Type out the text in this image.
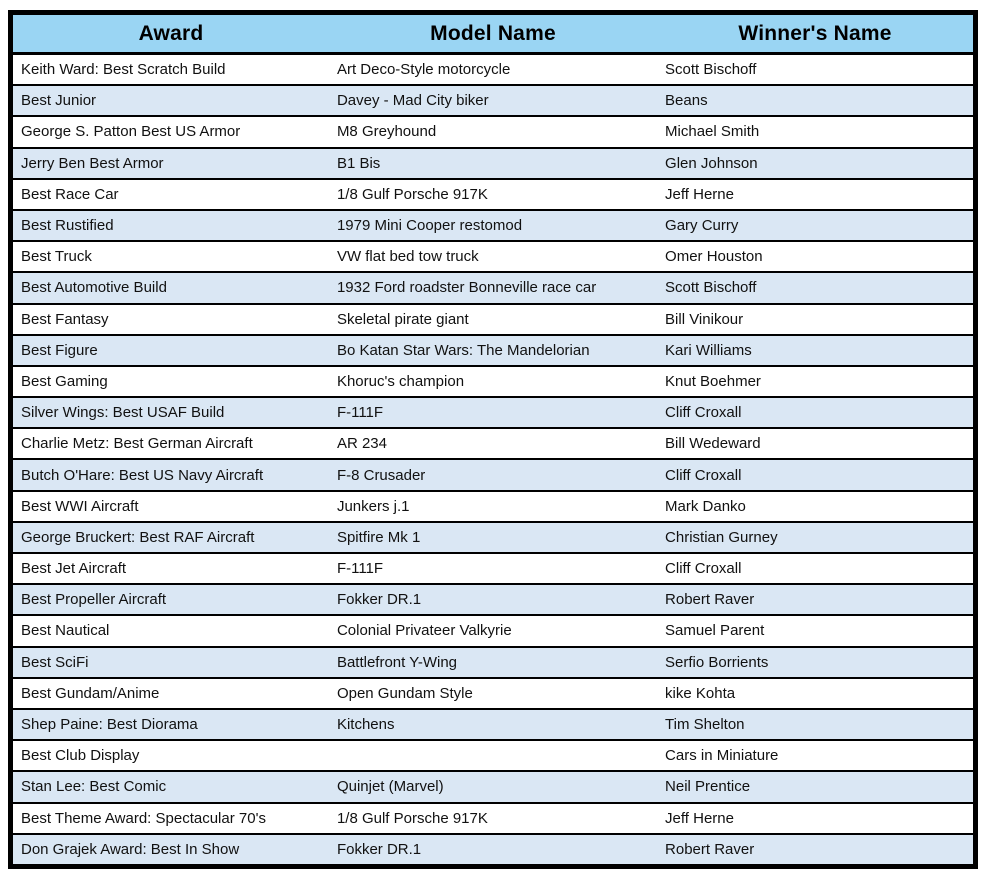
Award	Model Name	Winner's Name
Keith Ward: Best Scratch Build	Art Deco-Style motorcycle	Scott Bischoff
Best Junior	Davey - Mad City biker	Beans
George S. Patton Best US Armor	M8 Greyhound	Michael Smith
Jerry Ben Best Armor	B1 Bis	Glen Johnson
Best Race Car	1/8 Gulf Porsche 917K	Jeff Herne
Best Rustified	1979 Mini Cooper restomod	Gary Curry
Best Truck	VW flat bed tow truck	Omer Houston
Best Automotive Build	1932 Ford roadster Bonneville race car	Scott Bischoff
Best Fantasy	Skeletal pirate giant	Bill Vinikour
Best Figure	Bo Katan Star Wars: The Mandelorian	Kari Williams
Best Gaming	Khoruc's champion	Knut Boehmer
Silver Wings: Best USAF Build	F-111F	Cliff Croxall
Charlie Metz: Best German Aircraft	AR 234	Bill Wedeward
Butch O'Hare: Best US Navy Aircraft	F-8 Crusader	Cliff Croxall
Best WWI Aircraft	Junkers j.1	Mark Danko
George Bruckert: Best RAF Aircraft	Spitfire Mk 1	Christian Gurney
Best Jet Aircraft	F-111F	Cliff Croxall
Best Propeller Aircraft	Fokker DR.1	Robert Raver
Best Nautical	Colonial Privateer Valkyrie	Samuel Parent
Best SciFi	Battlefront Y-Wing	Serfio Borrients
Best Gundam/Anime	Open Gundam Style	kike Kohta
Shep Paine: Best Diorama	Kitchens	Tim Shelton
Best Club Display		Cars in Miniature
Stan Lee: Best Comic	Quinjet (Marvel)	Neil Prentice
Best Theme Award: Spectacular 70's	1/8 Gulf Porsche 917K	Jeff Herne
Don Grajek Award: Best In Show	Fokker DR.1	Robert Raver
